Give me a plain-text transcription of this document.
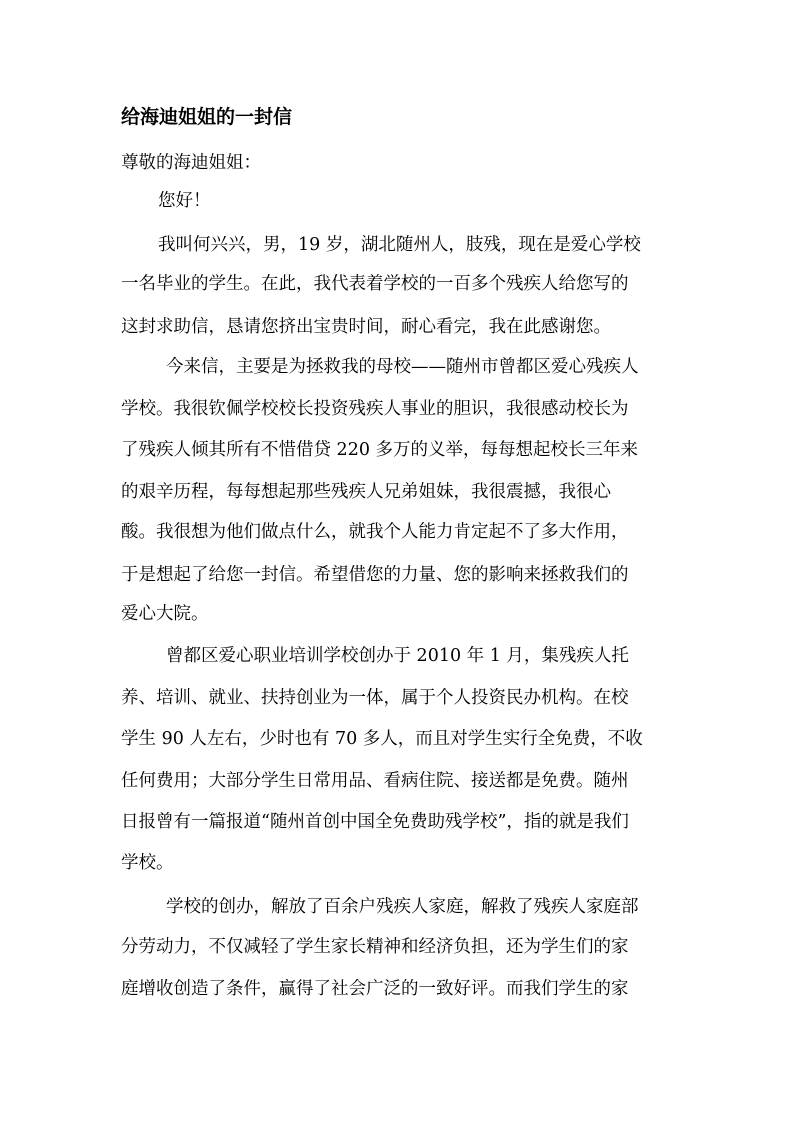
给海迪姐姐的一封信
尊敬的海迪姐姐：
您好！
我叫何兴兴，男，19 岁，湖北随州人，肢残，现在是爱心学校
一名毕业的学生。在此，我代表着学校的一百多个残疾人给您写的
这封求助信，恳请您挤出宝贵时间，耐心看完，我在此感谢您。
今来信，主要是为拯救我的母校——随州市曾都区爱心残疾人
学校。我很钦佩学校校长投资残疾人事业的胆识，我很感动校长为
了残疾人倾其所有不惜借贷 220 多万的义举，每每想起校长三年来
的艰辛历程，每每想起那些残疾人兄弟姐妹，我很震撼，我很心
酸。我很想为他们做点什么，就我个人能力肯定起不了多大作用，
于是想起了给您一封信。希望借您的力量、您的影响来拯救我们的
爱心大院。
曾都区爱心职业培训学校创办于 2010 年 1 月，集残疾人托
养、培训、就业、扶持创业为一体，属于个人投资民办机构。在校
学生 90 人左右，少时也有 70 多人，而且对学生实行全免费，不收
任何费用；大部分学生日常用品、看病住院、接送都是免费。随州
日报曾有一篇报道“随州首创中国全免费助残学校”，指的就是我们
学校。
学校的创办，解放了百余户残疾人家庭，解救了残疾人家庭部
分劳动力，不仅减轻了学生家长精神和经济负担，还为学生们的家
庭增收创造了条件，赢得了社会广泛的一致好评。而我们学生的家
